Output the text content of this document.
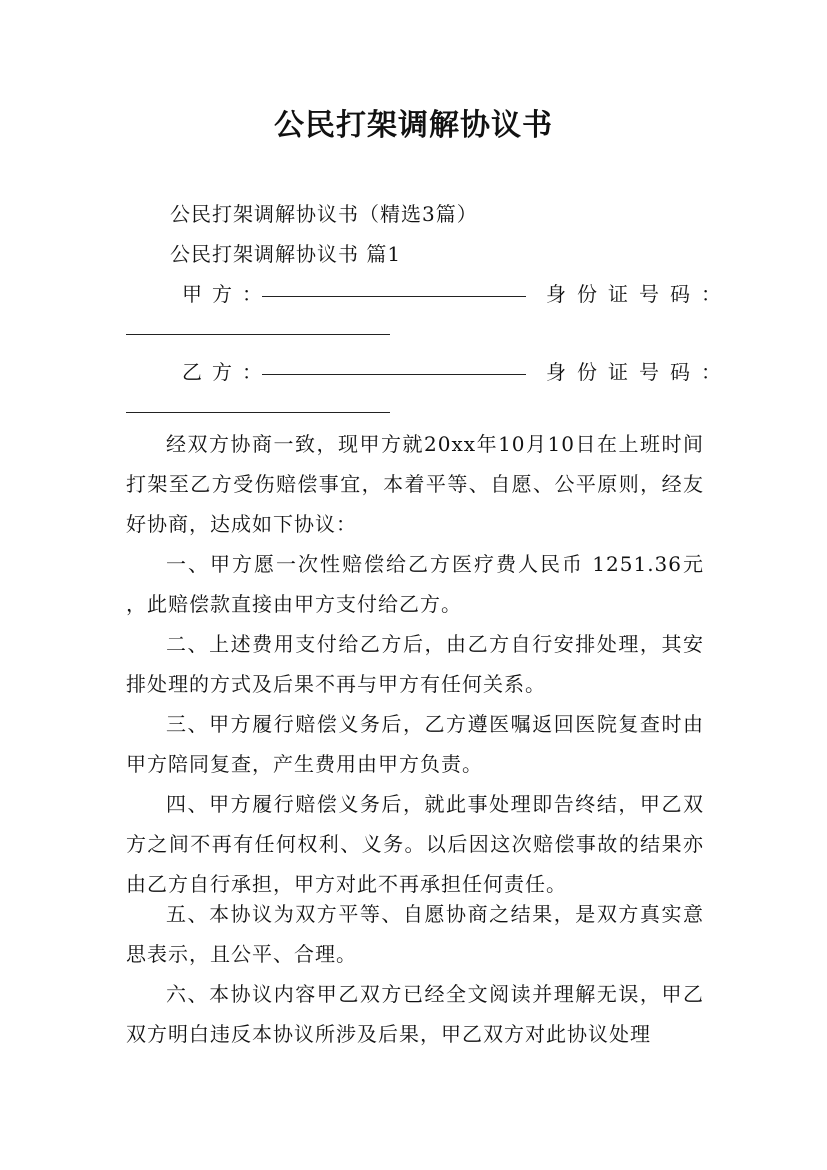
公民打架调解协议书
公民打架调解协议书（精选3篇）
公民打架调解协议书 篇1
甲方：	身份证号码：
乙方：	身份证号码：

经双方协商一致，现甲方就20xx年10月10日在上班时间打架至乙方受伤赔偿事宜，本着平等、自愿、公平原则，经友好协商，达成如下协议：

一、甲方愿一次性赔偿给乙方医疗费人民币 1251.36元 ，此赔偿款直接由甲方支付给乙方。

二、上述费用支付给乙方后，由乙方自行安排处理，其安排处理的方式及后果不再与甲方有任何关系。

三、甲方履行赔偿义务后，乙方遵医嘱返回医院复查时由甲方陪同复查，产生费用由甲方负责。

四、甲方履行赔偿义务后，就此事处理即告终结，甲乙双方之间不再有任何权利、义务。以后因这次赔偿事故的结果亦由乙方自行承担，甲方对此不再承担任何责任。

五、本协议为双方平等、自愿协商之结果，是双方真实意思表示，且公平、合理。

六、本协议内容甲乙双方已经全文阅读并理解无误，甲乙双方明白违反本协议所涉及后果，甲乙双方对此协议处理
